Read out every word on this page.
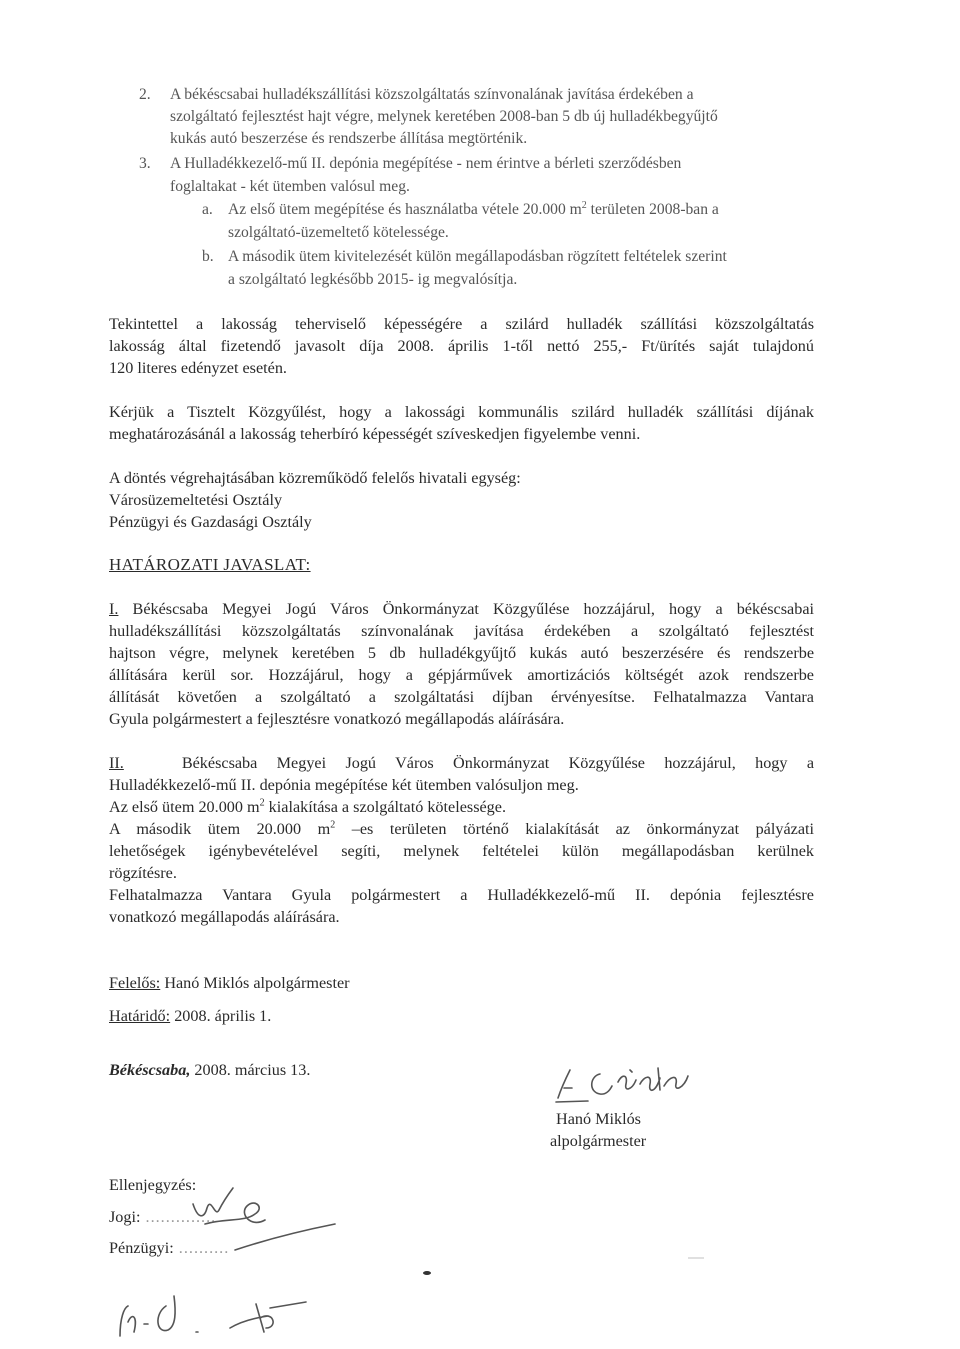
2. A békéscsabai hulladékszállítási közszolgáltatás színvonalának javítása érdekében a
szolgáltató fejlesztést hajt végre, melynek keretében 2008-ban 5 db új hulladékbegyűjtő
kukás autó beszerzése és rendszerbe állítása megtörténik.
3. A Hulladékkezelő-mű II. depónia megépítése - nem érintve a bérleti szerződésben
foglaltakat - két ütemben valósul meg.
a. Az első ütem megépítése és használatba vétele 20.000 $m^2$ területen 2008-ban a
szolgáltató-üzemeltető kötelessége.
b. A második ütem kivitelezését külön megállapodásban rögzített feltételek szerint
a szolgáltató legkésőbb 2015- ig megvalósítja.
Tekintettel a lakosság teherviselő képességére a szilárd hulladék szállítási közszolgáltatás
lakosság által fizetendő javasolt díja 2008. április 1-től nettó 255,- Ft/ürítés saját tulajdonú
120 literes edényzet esetén.
Kérjük a Tisztelt Közgyűlést, hogy a lakossági kommunális szilárd hulladék szállítási díjának
meghatározásánál a lakosság teherbíró képességét szíveskedjen figyelembe venni.
A döntés végrehajtásában közreműködő felelős hivatali egység:
Városüzemeltetési Osztály
Pénzügyi és Gazdasági Osztály
HATÁROZATI JAVASLAT:
I. Békéscsaba Megyei Jogú Város Önkormányzat Közgyűlése hozzájárul, hogy a békéscsabai
hulladékszállítási közszolgáltatás színvonalának javítása érdekében a szolgáltató fejlesztést
hajtson végre, melynek keretében 5 db hulladékgyűjtő kukás autó beszerzésére és rendszerbe
állítására kerül sor. Hozzájárul, hogy a gépjárművek amortizációs költségét azok rendszerbe
állítását követően a szolgáltató a szolgáltatási díjban érvényesítse. Felhatalmazza Vantara
Gyula polgármestert a fejlesztésre vonatkozó megállapodás aláírására.
II.	Békéscsaba Megyei Jogú Város Önkormányzat Közgyűlése hozzájárul, hogy a
Hulladékkezelő-mű II. depónia megépítése két ütemben valósuljon meg.
Az első ütem 20.000 $m^2$ kialakítása a szolgáltató kötelessége.
A második ütem 20.000 $m^2$ –es területen történő kialakítását az önkormányzat pályázati
lehetőségek igénybevételével segíti, melynek feltételei külön megállapodásban kerülnek
rögzítésre.
Felhatalmazza Vantara Gyula polgármestert a Hulladékkezelő-mű II. depónia fejlesztésre
vonatkozó megállapodás aláírására.
Felelős: Hanó Miklós alpolgármester
Határidő: 2008. április 1.
Békéscsaba, 2008. március 13.
Hanó Miklós
alpolgármester
Ellenjegyzés:
Jogi: ..............
Pénzügyi: ..........
